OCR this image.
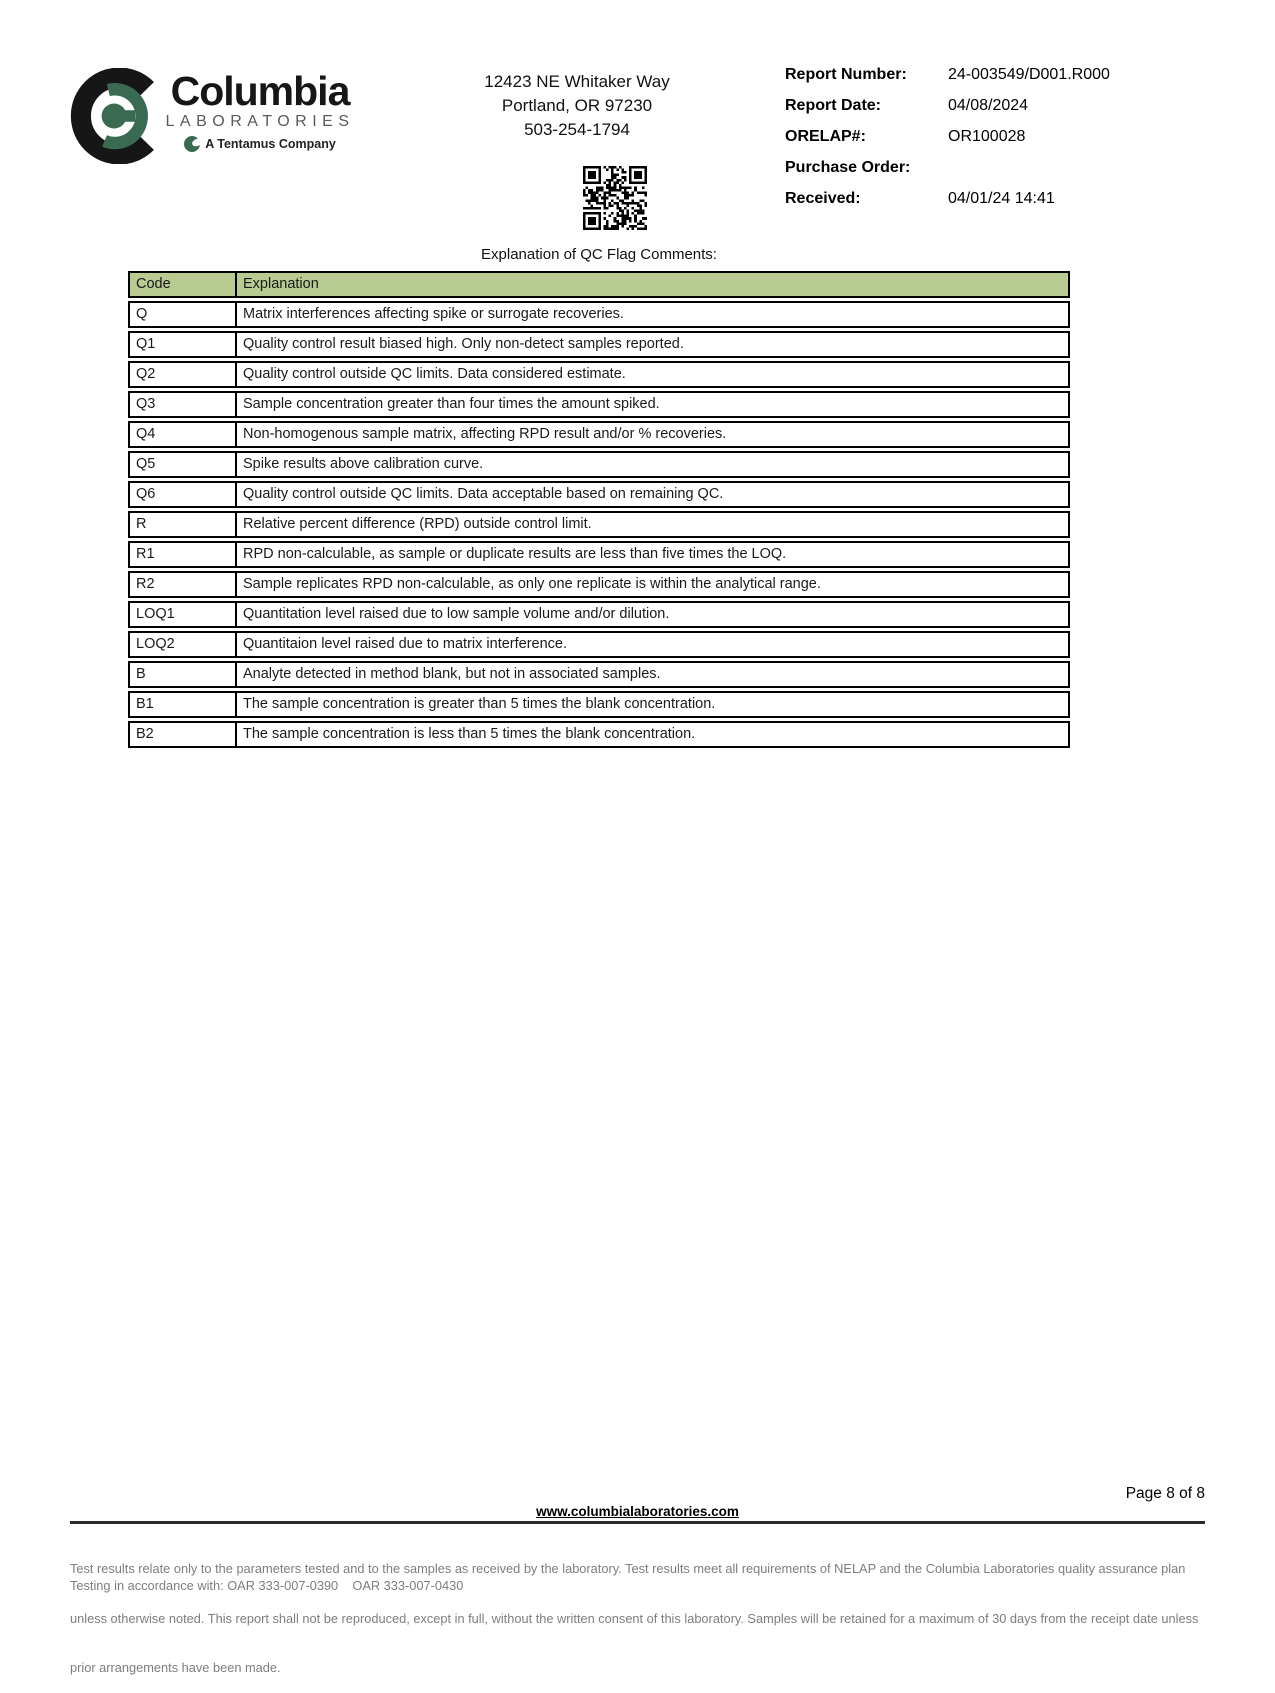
Columbia
LABORATORIES
A Tentamus Company
12423 NE Whitaker Way
Portland, OR 97230
503-254-1794
Report Number:	24-003549/D001.R000
Report Date:	04/08/2024
ORELAP#:	OR100028
Purchase Order:
Received:	04/01/24 14:41
Explanation of QC Flag Comments:
Code	Explanation
Q	Matrix interferences affecting spike or surrogate recoveries.
Q1	Quality control result biased high. Only non-detect samples reported.
Q2	Quality control outside QC limits. Data considered estimate.
Q3	Sample concentration greater than four times the amount spiked.
Q4	Non-homogenous sample matrix, affecting RPD result and/or % recoveries.
Q5	Spike results above calibration curve.
Q6	Quality control outside QC limits. Data acceptable based on remaining QC.
R	Relative percent difference (RPD) outside control limit.
R1	RPD non-calculable, as sample or duplicate results are less than five times the LOQ.
R2	Sample replicates RPD non-calculable, as only one replicate is within the analytical range.
LOQ1	Quantitation level raised due to low sample volume and/or dilution.
LOQ2	Quantitaion level raised due to matrix interference.
B	Analyte detected in method blank, but not in associated samples.
B1	The sample concentration is greater than 5 times the blank concentration.
B2	The sample concentration is less than 5 times the blank concentration.
Page 8 of 8
www.columbialaboratories.com

Test results relate only to the parameters tested and to the samples as received by the laboratory. Test results meet all requirements of NELAP and the Columbia Laboratories quality assurance plan

unless otherwise noted. This report shall not be reproduced, except in full, without the written consent of this laboratory. Samples will be retained for a maximum of 30 days from the receipt date unless

prior arrangements have been made.

Testing in accordance with: OAR 333-007-0390    OAR 333-007-0430
